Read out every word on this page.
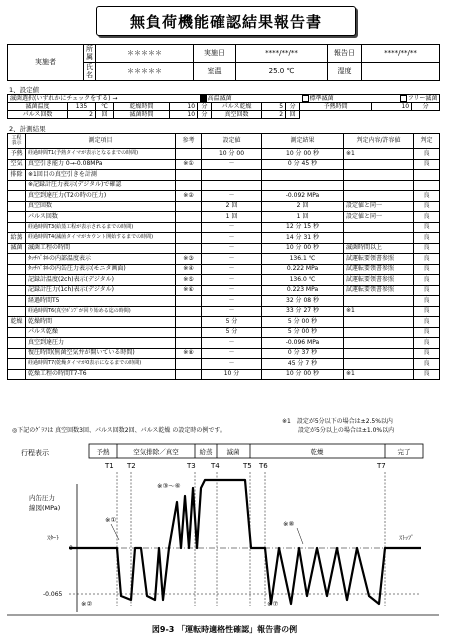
無負荷機能確認結果報告書
実施者	所属	＊＊＊＊＊	実施日	****/**/**	報告日	****/**/**
	氏名	＊＊＊＊＊	室温	25.0 ℃	湿度	
1、設定値
滅菌選択(いずれかにチェックをする) →					高温滅菌				標準滅菌		フリー滅菌	
滅菌温度	135	℃	乾燥時間	10	分	パルス乾燥	5	分	予熱時間	10		分
パルス回数	2	回	滅菌時間	10	分	真空回数	2	回				
2、計測結果
工程表示	測定項目	参考	設定値	測定結果	判定内容/許容値	判定
予熱	経過時間T1(予熱タイマが表示となるまでの時間)		10 分 00	10 分 00 秒	※1	良
空気	真空引き能力 0→-0.08MPa	※①	－	0 分 45 秒		良
排除	※1回目の真空引きを計測					
	※記録計圧力表示(デジタル)で確認					
	真空到達圧力(T2の時の圧力)	※②	－	-0.092 MPa		良
	真空回数		2 回	2 回	設定値と同一	良
	パルス回数		1 回	1 回	設定値と同一	良
	経過時間T3(給蒸工程が表示されるまでの時間)		－	12 分 15 秒		良
給蒸	経過時間T4(滅菌タイマがカウント開始するまでの時間)		－	14 分 31 秒		良
滅菌	滅菌工程の時間		－	10 分 00 秒	滅菌時間以上	良
	ﾀｯﾁﾊﾟﾈﾙの内部温度表示	※③	－	136.1 ℃	試運転要領書参照	良
	ﾀｯﾁﾊﾟﾈﾙの内缶圧力表示(モニタ画面)	※④	－	0.222 MPa	試運転要領書参照	良
	記録計温度(2ch)表示(デジタル)	※⑤	－	136.0 ℃	試運転要領書参照	良
	記録計圧力(1ch)表示(デジタル)	※⑥	－	0.223 MPa	試運転要領書参照	良
	経過時間T5		－	32 分 08 秒		良
	経過時間T6(真空ﾎﾟﾝﾌﾟが回り始める迄の時間)		－	33 分 27 秒	※1	良
乾燥	乾燥時間		5 分	5 分 00 秒		良
	パルス乾燥		5 分	5 分 00 秒		良
	真空到達圧力		－	-0.096 MPa		良
	復圧時間(無菌空気弁が開いている時間)	※⑧	－	0 分 37 秒		良
	経過時間T7(乾燥タイマが0表示になるまでの時間)		－	45 分 7 秒		良
	乾燥工程の時間T7-T6		10 分	10 分 00 秒	※1	良
※1　設定が5分以下の場合は±2.5%以内
◎下記のｸﾞﾗﾌは 真空回数3回、パルス回数2回、パルス乾燥 の設定時の例です。	設定が5分以上の場合は±1.0%以内
行程表示	予熱	空気排除／真空	給蒸 滅菌	乾燥	完了
T1 T2	T3 T4	T5 T6	T7
内缶圧力
線図(MPa)
ｽﾀｰﾄ
0
-0.065
ｽﾄｯﾌﾟ
※①
※②
※③～⑥
※⑦
※⑧
図9-3 「運転時適格性確認」報告書の例
